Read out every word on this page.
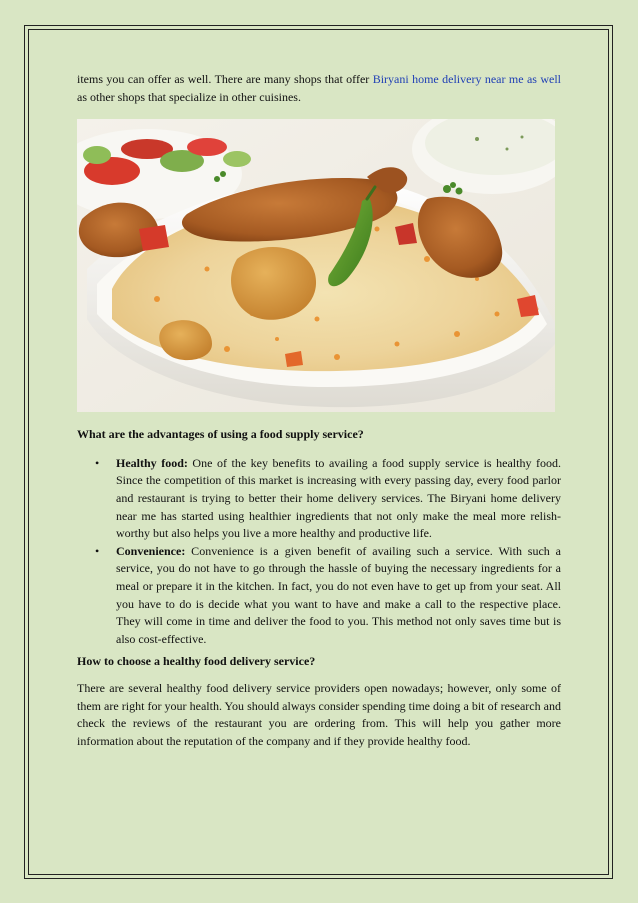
items you can offer as well. There are many shops that offer Biryani home delivery near me as well as other shops that specialize in other cuisines.

What are the advantages of using a food supply service?

• Healthy food: One of the key benefits to availing a food supply service is healthy food. Since the competition of this market is increasing with every passing day, every food parlor and restaurant is trying to better their home delivery services. The Biryani home delivery near me has started using healthier ingredients that not only make the meal more relish-worthy but also helps you live a more healthy and productive life.
• Convenience: Convenience is a given benefit of availing such a service. With such a service, you do not have to go through the hassle of buying the necessary ingredients for a meal or prepare it in the kitchen. In fact, you do not even have to get up from your seat. All you have to do is decide what you want to have and make a call to the respective place. They will come in time and deliver the food to you. This method not only saves time but is also cost-effective.

How to choose a healthy food delivery service?

There are several healthy food delivery service providers open nowadays; however, only some of them are right for your health. You should always consider spending time doing a bit of research and check the reviews of the restaurant you are ordering from. This will help you gather more information about the reputation of the company and if they provide healthy food.
